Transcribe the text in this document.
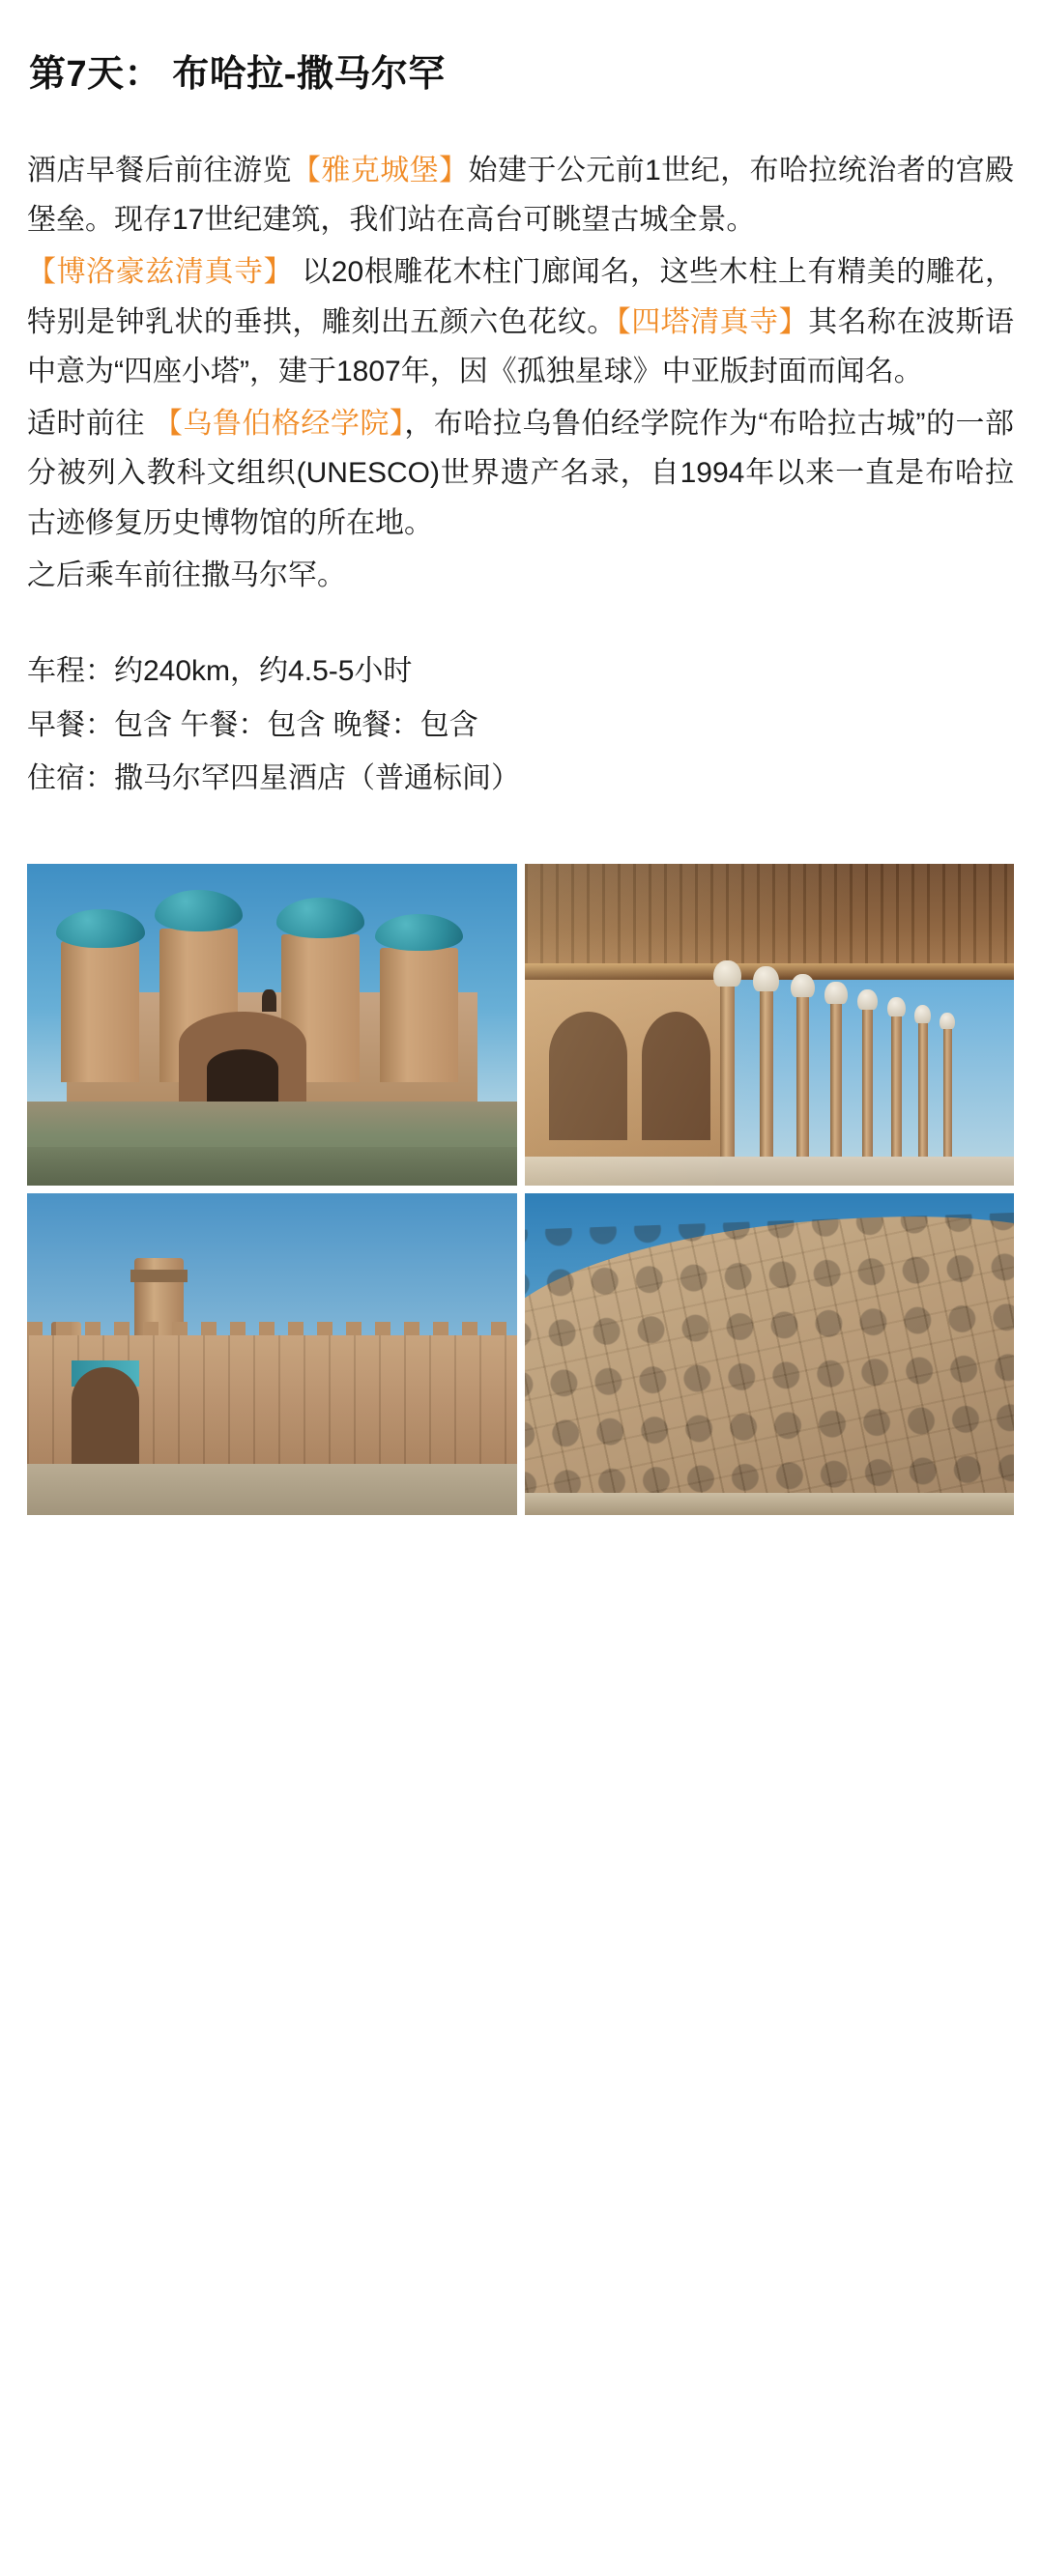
第7天： 布哈拉-撒马尔罕

酒店早餐后前往游览【雅克城堡】始建于公元前1世纪，布哈拉统治者的宫殿堡垒。现存17世纪建筑，我们站在高台可眺望古城全景。

【博洛豪兹清真寺】 以20根雕花木柱门廊闻名，这些木柱上有精美的雕花，特别是钟乳状的垂拱，雕刻出五颜六色花纹。【四塔清真寺】其名称在波斯语中意为“四座小塔”，建于1807年，因《孤独星球》中亚版封面而闻名。

适时前往 【乌鲁伯格经学院】，布哈拉乌鲁伯经学院作为“布哈拉古城”的一部分被列入教科文组织(UNESCO)世界遗产名录，自1994年以来一直是布哈拉古迹修复历史博物馆的所在地。

之后乘车前往撒马尔罕。

车程：约240km，约4.5-5小时

早餐：包含 午餐：包含 晚餐：包含

住宿：撒马尔罕四星酒店（普通标间）
